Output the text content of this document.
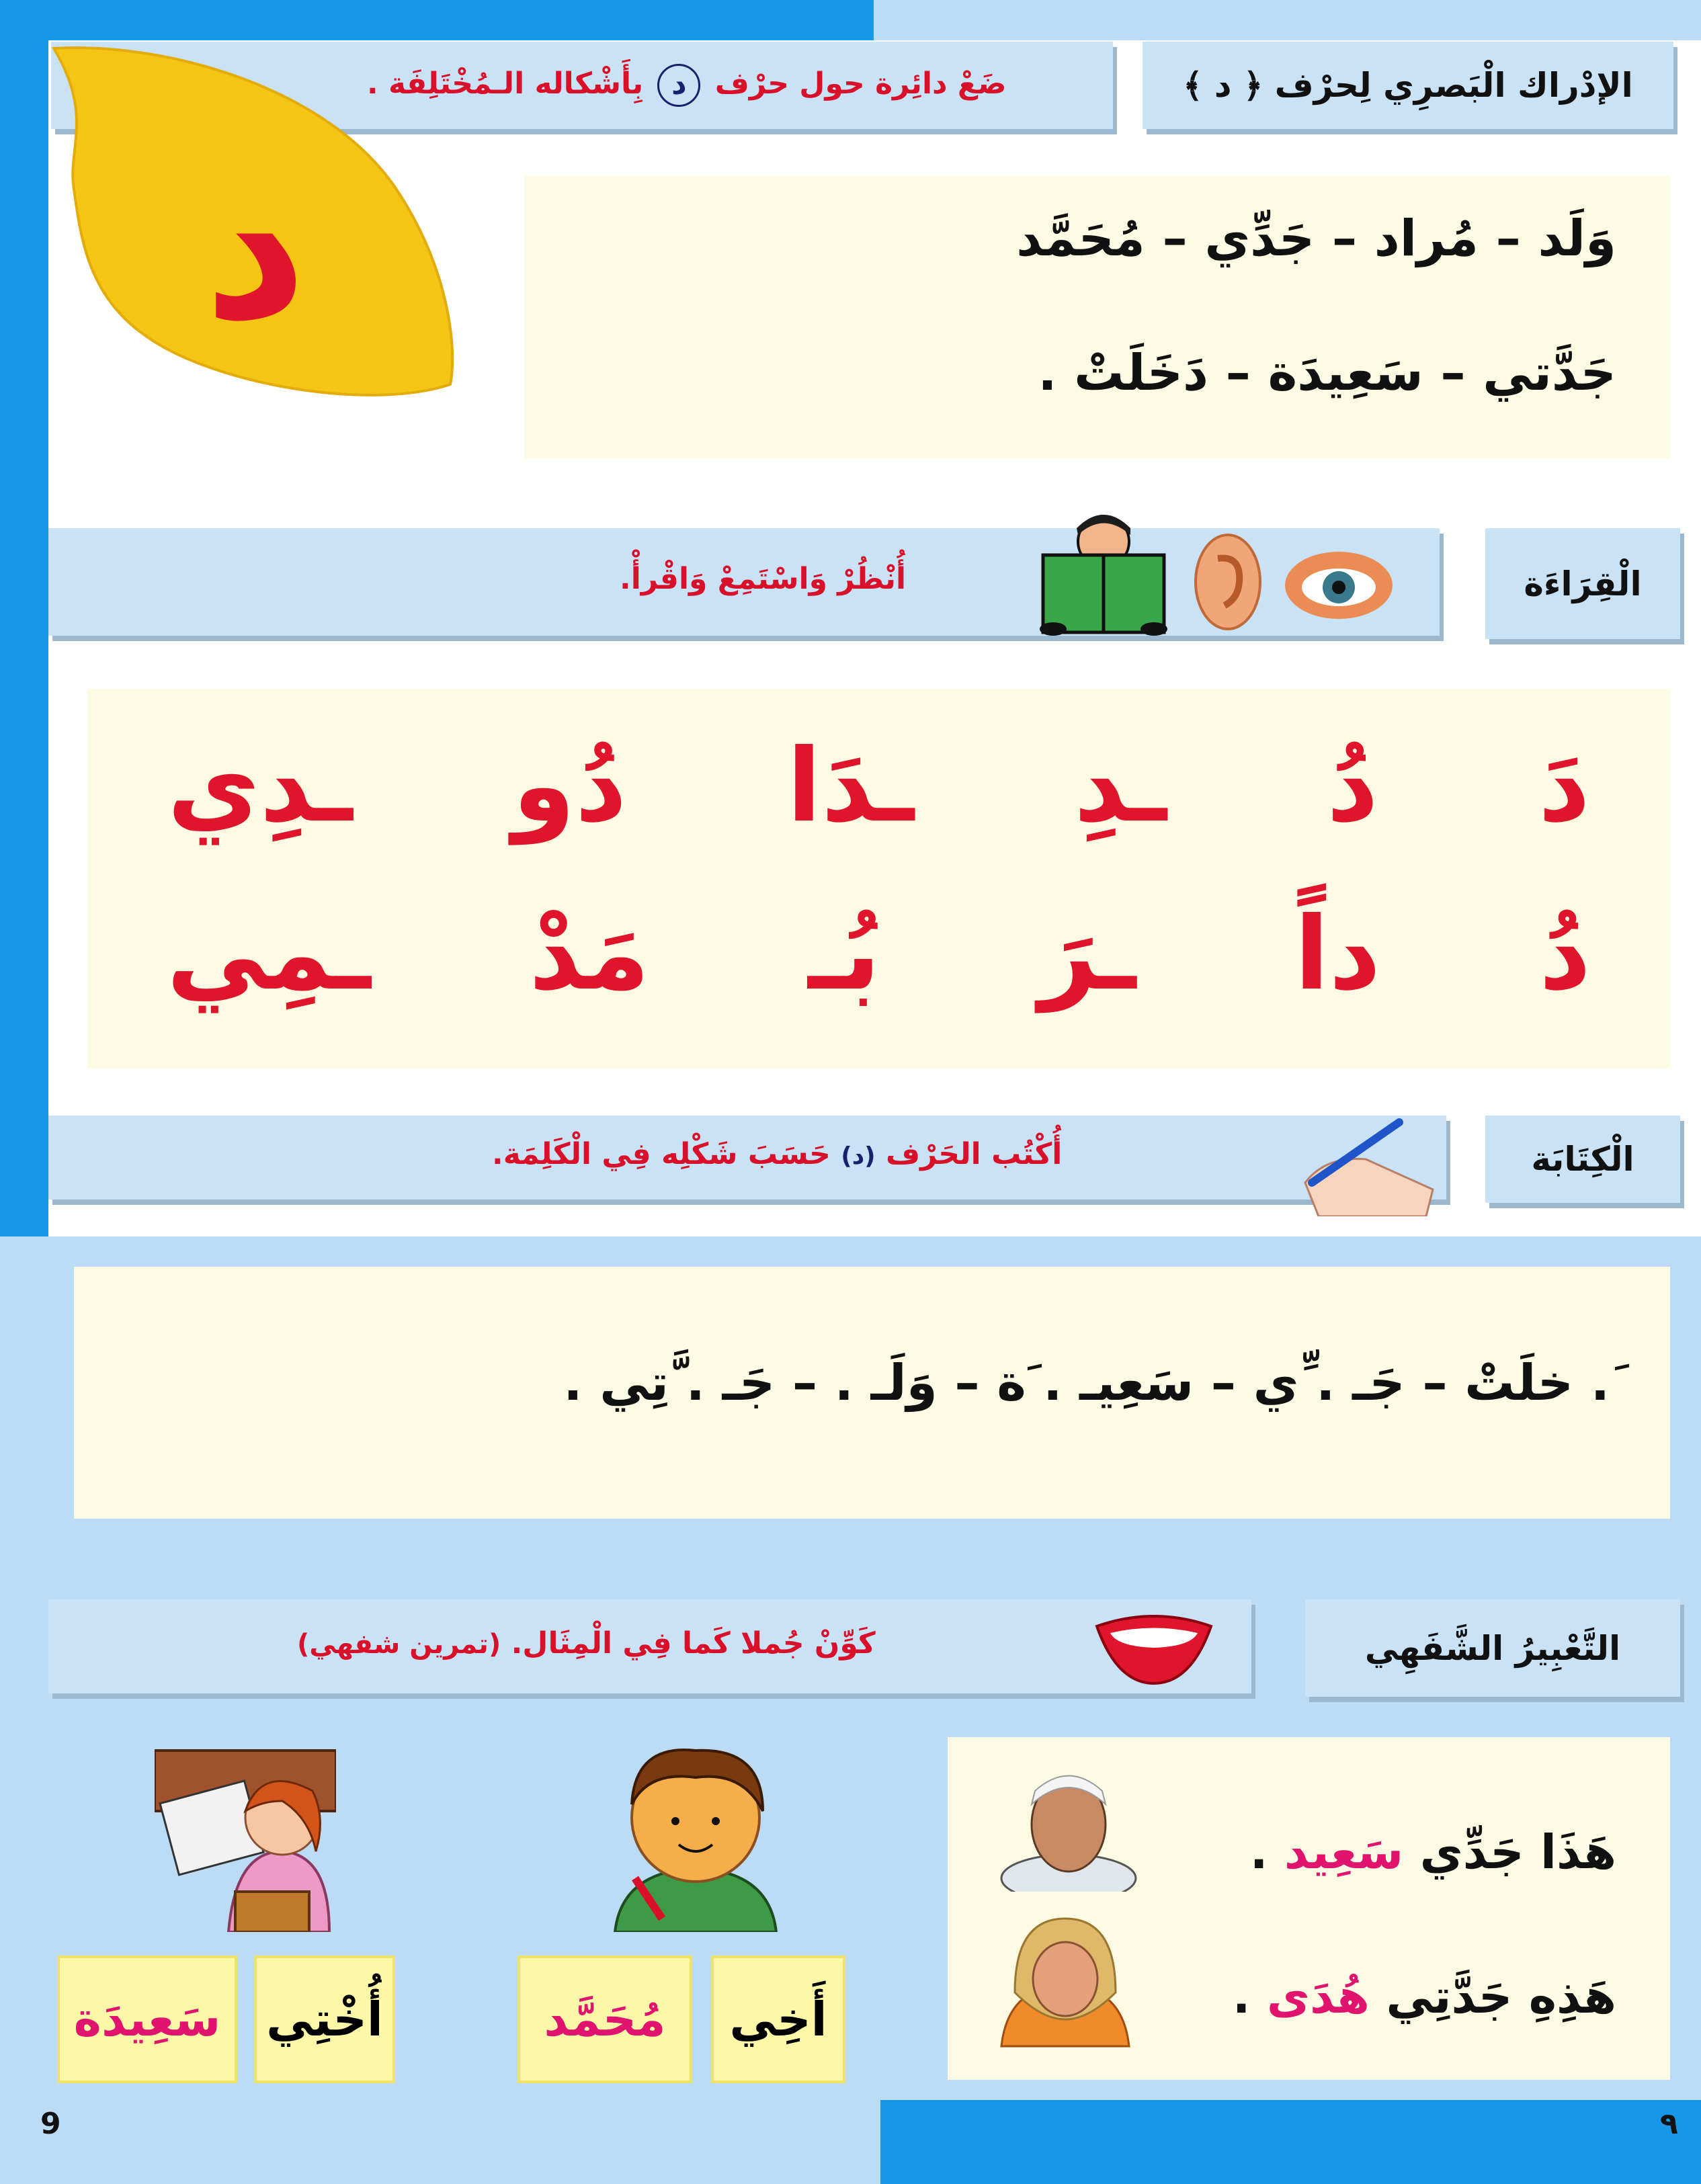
الإدْراك الْبَصرِي لِحرْف ﴿ د ﴾
ضَعْ دائِرة حول حرْف د بِأَشْكاله الـمُخْتَلِفَة .
د	وَلَد – مُراد – جَدِّي – مُحَمَّد
جَدَّتي – سَعِيدَة – دَخَلَتْ .
الْقِرَاءَة
أُنْظُرْ وَاسْتَمِعْ وَاقْرأْ.
دَ
دُ
ـدِ
ـدَا
دُو
ـدِي
دُ
داً
ـرَ
بُـ
مَدْ
ـمِي
الْكِتَابَة
أُكْتُب الحَرْف (د) حَسَبَ شَكْلِه فِي الْكَلِمَة.
َ. خلَتْ – جَـ . ِّي – سَعِيـ . َة – وَلَـ . – جَـ . َّتِي .
التَّعْبِيرُ الشَّفَهِي
كَوِّنْ جُملا كَما فِي الْمِثَال. (تمرين شفهي)
هَذَا جَدِّي سَعِيد .
هَذِهِ جَدَّتِي هُدَى .
أَخِي
مُحَمَّد
أُخْتِي
سَعِيدَة
9	٩
